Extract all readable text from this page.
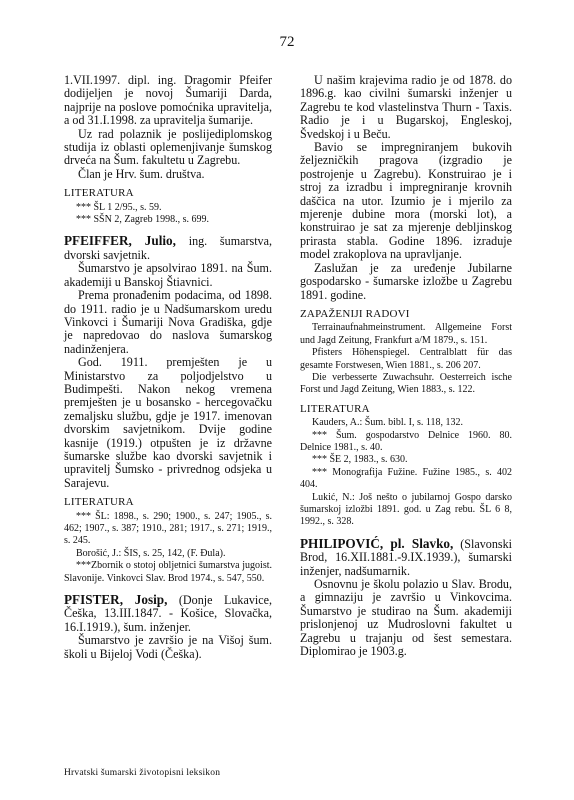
72

1.VII.1997. dipl. ing. Dragomir Pfeifer dodijeljen je novoj Šumariji Darda, najprije na poslove pomoćnika upravitelja, a od 31.I.1998. za upravitelja šumarije.

Uz rad polaznik je poslijediplomskog studija iz oblasti oplemenjivanje šumskog drveća na Šum. fakultetu u Zagrebu.

Član je Hrv. šum. društva.

LITERATURA

*** ŠL 1 2/95., s. 59.

*** SŠN 2, Zagreb 1998., s. 699.

PFEIFFER, Julio, ing. šumarstva, dvorski savjetnik.

Šumarstvo je apsolvirao 1891. na Šum. akademiji u Banskoj Štiavnici.

Prema pronađenim podacima, od 1898. do 1911. radio je u Nadšumarskom uredu Vinkovci i Šumariji Nova Gradiška, gdje je napredovao do naslova šumarskog nadinženjera.

God. 1911. premješten je u Ministarstvo za poljodjelstvo u Budimpešti. Nakon nekog vremena premješten je u bosansko - hercegovačku zemaljsku službu, gdje je 1917. imenovan dvorskim savjetnikom. Dvije godine kasnije (1919.) otpušten je iz državne šumarske službe kao dvorski savjetnik i upravitelj Šumsko - privrednog odsjeka u Sarajevu.

LITERATURA

*** ŠL: 1898., s. 290; 1900., s. 247; 1905., s. 462; 1907., s. 387; 1910., 281; 1917., s. 271; 1919., s. 245.

Borošić, J.: ŠIS, s. 25, 142, (F. Đula).

***Zbornik o stotoj obljetnici šumarstva jugoist. Slavonije. Vinkovci Slav. Brod 1974., s. 547, 550.

PFISTER, Josip, (Donje Lukavice, Češka, 13.III.1847. - Košice, Slovačka, 16.I.1919.), šum. inženjer.

Šumarstvo je završio je na Višoj šum. školi u Bijeloj Vodi (Češka).

U našim krajevima radio je od 1878. do 1896.g. kao civilni šumarski inženjer u Zagrebu te kod vlastelinstva Thurn - Taxis. Radio je i u Bugarskoj, Engleskoj, Švedskoj i u Beču.

Bavio se impregniranjem bukovih željezničkih pragova (izgradio je postrojenje u Zagrebu). Konstruirao je i stroj za izradbu i impregniranje krovnih daščica na utor. Izumio je i mjerilo za mjerenje dubine mora (morski lot), a konstruirao je sat za mjerenje debljinskog prirasta stabla. Godine 1896. izraduje model zrakoplova na upravljanje.

Zaslužan je za uređenje Jubilarne gospodarsko - šumarske izložbe u Zagrebu 1891. godine.

ZAPAŽENIJI RADOVI

Terrainaufnahmeinstrument. Allgemeine Forst und Jagd Zeitung, Frankfurt a/M 1879., s. 151.

Pfisters Höhenspiegel. Centralblatt für das gesamte Forstwesen, Wien 1881., s. 206 207.

Die verbesserte Zuwachsuhr. Oesterreich ische Forst und Jagd Zeitung, Wien 1883., s. 122.

LITERATURA

Kauders, A.: Šum. bibl. I, s. 118, 132.

*** Šum. gospodarstvo Delnice 1960. 80. Delnice 1981., s. 40.

*** ŠE 2, 1983., s. 630.

*** Monografija Fužine. Fužine 1985., s. 402 404.

Lukić, N.: Još nešto o jubilarnoj Gospo darsko šumarskoj izložbi 1891. god. u Zag rebu. ŠL 6 8, 1992., s. 328.

PHILIPOVIĆ, pl. Slavko, (Slavonski Brod, 16.XII.1881.-9.IX.1939.), šumarski inženjer, nadšumarnik.

Osnovnu je školu polazio u Slav. Brodu, a gimnaziju je završio u Vinkovcima. Šumarstvo je studirao na Šum. akademiji prislonjenoj uz Mudroslovni fakultet u Zagrebu u trajanju od šest semestara. Diplomirao je 1903.g.

Hrvatski šumarski životopisni leksikon
